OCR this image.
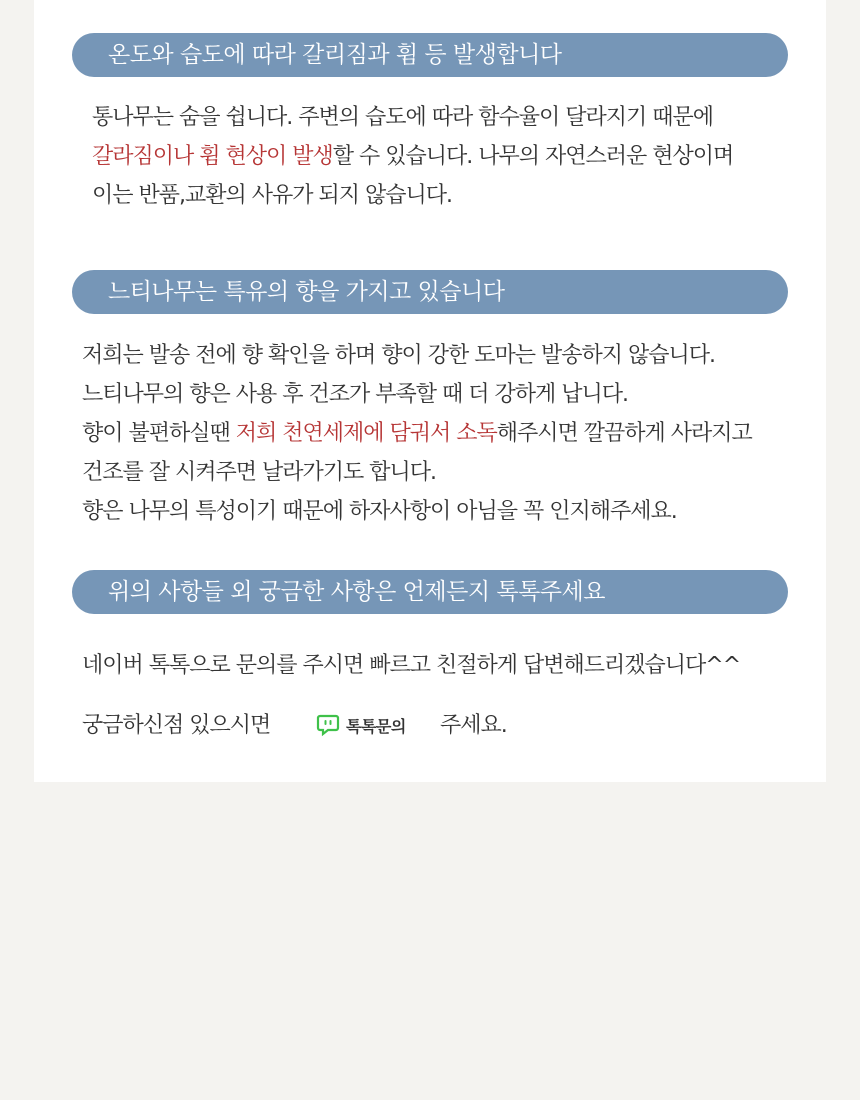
온도와 습도에 따라 갈리짐과 휨 등 발생합니다
통나무는 숨을 쉽니다. 주변의 습도에 따라 함수율이 달라지기 때문에
갈라짐이나 휨 현상이 발생할 수 있습니다. 나무의 자연스러운 현상이며
이는 반품,교환의 사유가 되지 않습니다.
느티나무는 특유의 향을 가지고 있습니다
저희는 발송 전에 향 확인을 하며 향이 강한 도마는 발송하지 않습니다.
느티나무의 향은 사용 후 건조가 부족할 때 더 강하게 납니다.
향이 불편하실땐 저희 천연세제에 담궈서 소독해주시면 깔끔하게 사라지고
건조를 잘 시켜주면 날라가기도 합니다.
향은 나무의 특성이기 때문에 하자사항이 아님을 꼭 인지해주세요.
위의 사항들 외 궁금한 사항은 언제든지 톡톡주세요
네이버 톡톡으로 문의를 주시면 빠르고 친절하게 답변해드리겠습니다^^
궁금하신점 있으시면	톡톡문의 주세요.
